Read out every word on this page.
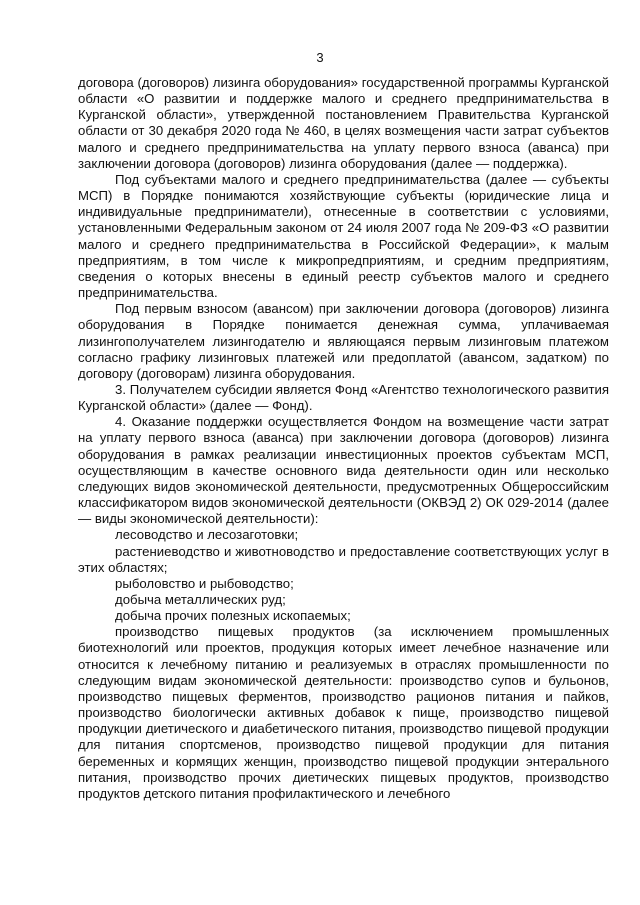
3

договора (договоров) лизинга оборудования» государственной программы Курганской области «О развитии и поддержке малого и среднего предпринимательства в Курганской области», утвержденной постановлением Правительства Курганской области от 30 декабря 2020 года № 460, в целях возмещения части затрат субъектов малого и среднего предпринимательства на уплату первого взноса (аванса) при заключении договора (договоров) лизинга оборудования (далее — поддержка).

Под субъектами малого и среднего предпринимательства (далее — субъекты МСП) в Порядке понимаются хозяйствующие субъекты (юридические лица и индивидуальные предприниматели), отнесенные в соответствии с условиями, установленными Федеральным законом от 24 июля 2007 года № 209-ФЗ «О развитии малого и среднего предпринимательства в Российской Федерации», к малым предприятиям, в том числе к микропредприятиям, и средним предприятиям, сведения о которых внесены в единый реестр субъектов малого и среднего предпринимательства.

Под первым взносом (авансом) при заключении договора (договоров) лизинга оборудования в Порядке понимается денежная сумма, уплачиваемая лизингополучателем лизингодателю и являющаяся первым лизинговым платежом согласно графику лизинговых платежей или предоплатой (авансом, задатком) по договору (договорам) лизинга оборудования.

3. Получателем субсидии является Фонд «Агентство технологического развития Курганской области» (далее — Фонд).

4. Оказание поддержки осуществляется Фондом на возмещение части затрат на уплату первого взноса (аванса) при заключении договора (договоров) лизинга оборудования в рамках реализации инвестиционных проектов субъектам МСП, осуществляющим в качестве основного вида деятельности один или несколько следующих видов экономической деятельности, предусмотренных Общероссийским классификатором видов экономической деятельности (ОКВЭД 2) ОК 029-2014 (далее — виды экономической деятельности):

лесоводство и лесозаготовки;

растениеводство и животноводство и предоставление соответствующих услуг в этих областях;

рыболовство и рыбоводство;

добыча металлических руд;

добыча прочих полезных ископаемых;

производство пищевых продуктов (за исключением промышленных биотехнологий или проектов, продукция которых имеет лечебное назначение или относится к лечебному питанию и реализуемых в отраслях промышленности по следующим видам экономической деятельности: производство супов и бульонов, производство пищевых ферментов, производство рационов питания и пайков, производство биологически активных добавок к пище, производство пищевой продукции диетического и диабетического питания, производство пищевой продукции для питания спортсменов, производство пищевой продукции для питания беременных и кормящих женщин, производство пищевой продукции энтерального питания, производство прочих диетических пищевых продуктов, производство продуктов детского питания профилактического и лечебного
